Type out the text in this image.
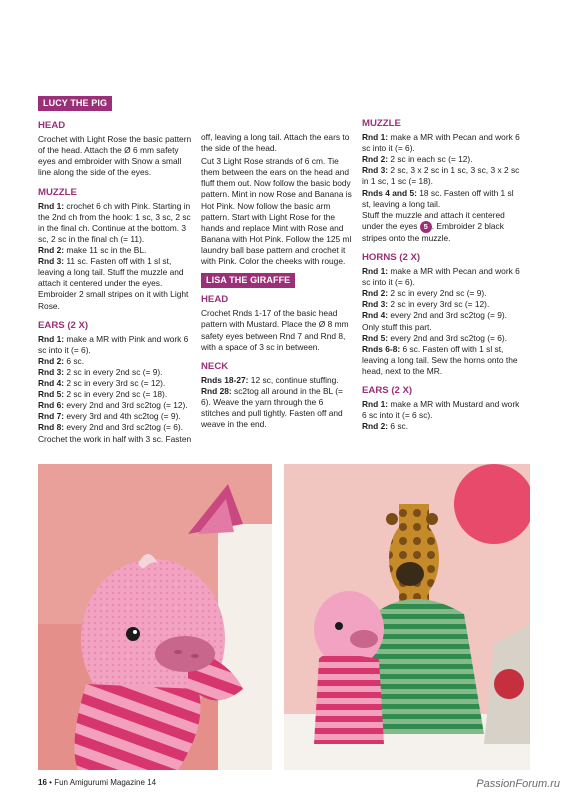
LUCY THE PIG
HEAD

Crochet with Light Rose the basic pattern of the head. Attach the Ø 6 mm safety eyes and embroider with Snow a small line along the side of the eyes.

MUZZLE

Rnd 1: crochet 6 ch with Pink. Starting in the 2nd ch from the hook: 1 sc, 3 sc, 2 sc in the final ch. Continue at the bottom. 3 sc, 2 sc in the final ch (= 11).

Rnd 2: make 11 sc in the BL.

Rnd 3: 11 sc. Fasten off with 1 sl st, leaving a long tail. Stuff the muzzle and attach it centered under the eyes. Embroider 2 small stripes on it with Light Rose.

EARS (2 X)

Rnd 1: make a MR with Pink and work 6 sc into it (= 6).

Rnd 2: 6 sc.

Rnd 3: 2 sc in every 2nd sc (= 9).

Rnd 4: 2 sc in every 3rd sc (= 12).

Rnd 5: 2 sc in every 2nd sc (= 18).

Rnd 6: every 2nd and 3rd sc2tog (= 12).

Rnd 7: every 3rd and 4th sc2tog (= 9).

Rnd 8: every 2nd and 3rd sc2tog (= 6).

Crochet the work in half with 3 sc. Fasten

off, leaving a long tail. Attach the ears to the side of the head.

Cut 3 Light Rose strands of 6 cm. Tie them between the ears on the head and fluff them out. Now follow the basic body pattern. Mint in now Rose and Banana is Hot Pink. Now follow the basic arm pattern. Start with Light Rose for the hands and replace Mint with Rose and Banana with Hot Pink. Follow the 125 ml laundry ball base pattern and crochet it with Pink. Color the cheeks with rouge.

LISA THE GIRAFFE
HEAD

Crochet Rnds 1-17 of the basic head pattern with Mustard. Place the Ø 8 mm safety eyes between Rnd 7 and Rnd 8, with a space of 3 sc in between.

NECK

Rnds 18-27: 12 sc, continue stuffing.

Rnd 28: sc2tog all around in the BL (= 6). Weave the yarn through the 6 stitches and pull tightly. Fasten off and weave in the end.

MUZZLE

Rnd 1: make a MR with Pecan and work 6 sc into it (= 6).

Rnd 2: 2 sc in each sc (= 12).

Rnd 3: 2 sc, 3 x 2 sc in 1 sc, 3 sc, 3 x 2 sc in 1 sc, 1 sc (= 18).

Rnds 4 and 5: 18 sc. Fasten off with 1 sl st, leaving a long tail.

Stuff the muzzle and attach it centered under the eyes 5 . Embroider 2 black stripes onto the muzzle.

HORNS (2 X)

Rnd 1: make a MR with Pecan and work 6 sc into it (= 6).

Rnd 2: 2 sc in every 2nd sc (= 9).

Rnd 3: 2 sc in every 3rd sc (= 12).

Rnd 4: every 2nd and 3rd sc2tog (= 9). Only stuff this part.

Rnd 5: every 2nd and 3rd sc2tog (= 6).

Rnds 6-8: 6 sc. Fasten off with 1 sl st, leaving a long tail. Sew the horns onto the head, next to the MR.

EARS (2 X)

Rnd 1: make a MR with Mustard and work 6 sc into it (= 6 sc).

Rnd 2: 6 sc.

16 • Fun Amigurumi Magazine 14	PassionForum.ru
